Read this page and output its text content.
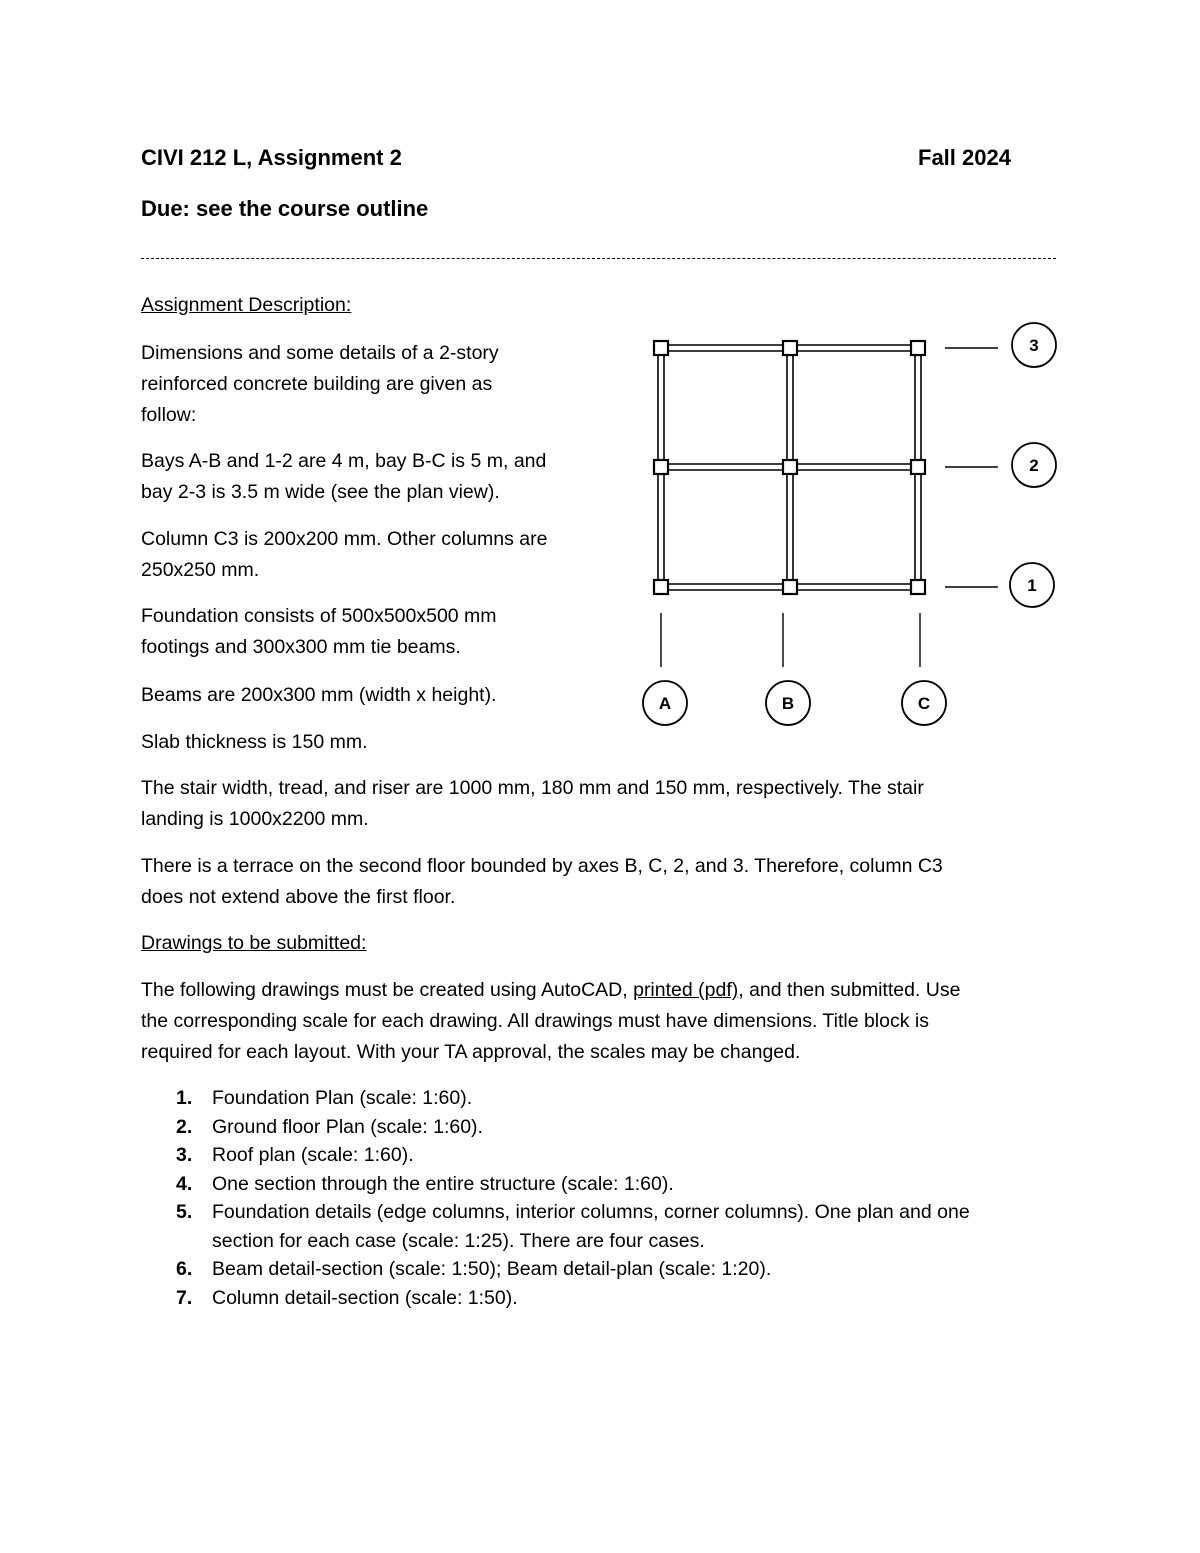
CIVI 212 L, Assignment 2	Fall 2024
Due: see the course outline
Assignment Description:
Dimensions and some details of a 2-story
reinforced concrete building are given as
follow:
Bays A-B and 1-2 are 4 m, bay B-C is 5 m, and
bay 2-3 is 3.5 m wide (see the plan view).
Column C3 is 200x200 mm. Other columns are
250x250 mm.
Foundation consists of 500x500x500 mm
footings and 300x300 mm tie beams.
Beams are 200x300 mm (width x height).
Slab thickness is 150 mm.
The stair width, tread, and riser are 1000 mm, 180 mm and 150 mm, respectively. The stair
landing is 1000x2200 mm.
There is a terrace on the second floor bounded by axes B, C, 2, and 3. Therefore, column C3
does not extend above the first floor.
Drawings to be submitted:
The following drawings must be created using AutoCAD, printed (pdf), and then submitted. Use
the corresponding scale for each drawing. All drawings must have dimensions. Title block is
required for each layout. With your TA approval, the scales may be changed.
1. Foundation Plan (scale: 1:60).
2. Ground floor Plan (scale: 1:60).
3. Roof plan (scale: 1:60).
4. One section through the entire structure (scale: 1:60).
5. Foundation details (edge columns, interior columns, corner columns). One plan and one
section for each case (scale: 1:25). There are four cases.
6. Beam detail-section (scale: 1:50); Beam detail-plan (scale: 1:20).
7. Column detail-section (scale: 1:50).
3
2
1
A	B	C
